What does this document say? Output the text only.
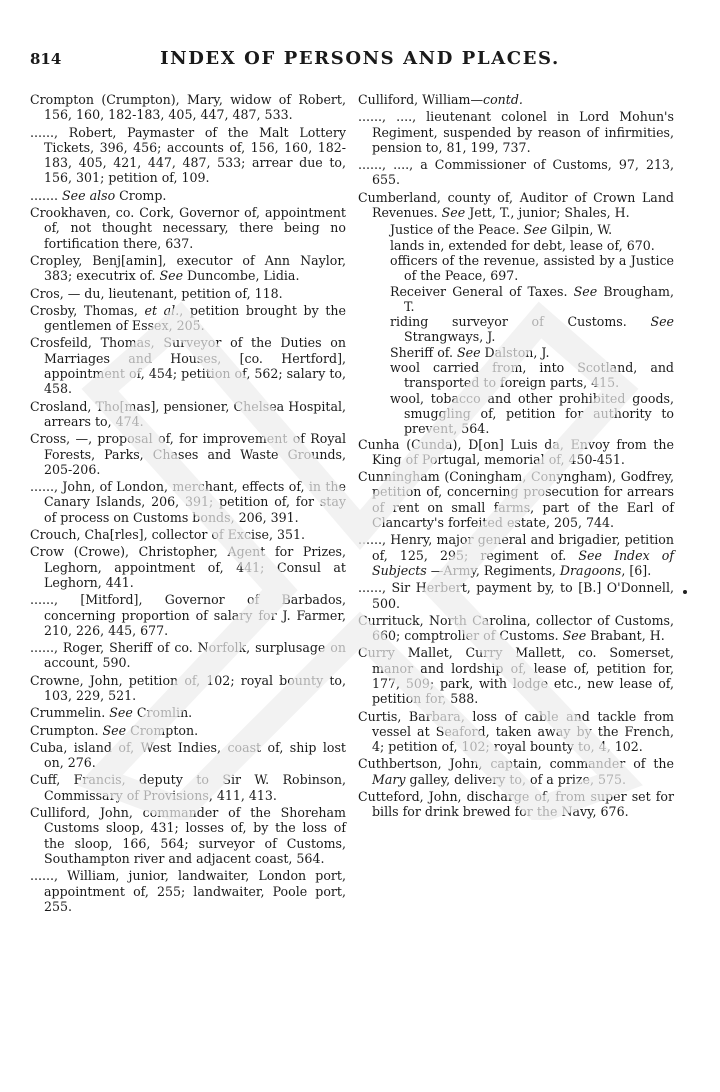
814	INDEX OF PERSONS AND PLACES.

Crompton (Crumpton), Mary, widow of Robert, 156, 160, 182-183, 405, 447, 487, 533.

......, Robert, Paymaster of the Malt Lottery Tickets, 396, 456; accounts of, 156, 160, 182-183, 405, 421, 447, 487, 533; arrear due to, 156, 301; petition of, 109.

....... See also Cromp.

Crookhaven, co. Cork, Governor of, appointment of, not thought necessary, there being no fortification there, 637.

Cropley, Benj[amin], executor of Ann Naylor, 383; executrix of. See Duncombe, Lidia.

Cros, — du, lieutenant, petition of, 118.

Crosby, Thomas, et al., petition brought by the gentlemen of Essex, 205.

Crosfeild, Thomas, Surveyor of the Duties on Marriages and Houses, [co. Hertford], appointment of, 454; petition of, 562; salary to, 458.

Crosland, Tho[mas], pensioner, Chelsea Hospital, arrears to, 474.

Cross, —, proposal of, for improvement of Royal Forests, Parks, Chases and Waste Grounds, 205-206.

......, John, of London, merchant, effects of, in the Canary Islands, 206, 391; petition of, for stay of process on Customs bonds, 206, 391.

Crouch, Cha[rles], collector of Excise, 351.

Crow (Crowe), Christopher, Agent for Prizes, Leghorn, appointment of, 441; Consul at Leghorn, 441.

......, [Mitford], Governor of Barbados, concerning proportion of salary for J. Farmer, 210, 226, 445, 677.

......, Roger, Sheriff of co. Norfolk, surplusage on account, 590.

Crowne, John, petition of, 102; royal bounty to, 103, 229, 521.

Crummelin. See Cromlin.

Crumpton. See Crompton.

Cuba, island of, West Indies, coast of, ship lost on, 276.

Cuff, Francis, deputy to Sir W. Robinson, Commissary of Provisions, 411, 413.

Culliford, John, commander of the Shoreham Customs sloop, 431; losses of, by the loss of the sloop, 166, 564; surveyor of Customs, Southampton river and adjacent coast, 564.

......, William, junior, landwaiter, London port, appointment of, 255; landwaiter, Poole port, 255.

Culliford, William—contd.

......, ...., lieutenant colonel in Lord Mohun's Regiment, suspended by reason of infirmities, pension to, 81, 199, 737.

......, ...., a Commissioner of Customs, 97, 213, 655.

Cumberland, county of, Auditor of Crown Land Revenues. See Jett, T., junior; Shales, H.

Justice of the Peace. See Gilpin, W.

lands in, extended for debt, lease of, 670.

officers of the revenue, assisted by a Justice of the Peace, 697.

Receiver General of Taxes. See Brougham, T.

riding surveyor of Customs. See Strangways, J.

Sheriff of. See Dalston, J.

wool carried from, into Scotland, and transported to foreign parts, 415.

wool, tobacco and other prohibited goods, smuggling of, petition for authority to prevent, 564.

Cunha (Cunda), D[on] Luis da, Envoy from the King of Portugal, memorial of, 450-451.

Cunningham (Coningham, Conyngham), Godfrey, petition of, concerning prosecution for arrears of rent on small farms, part of the Earl of Clancarty's forfeited estate, 205, 744.

......, Henry, major general and brigadier, petition of, 125, 295; regiment of. See Index of Subjects —Army, Regiments, Dragoons, [6].

......, Sir Herbert, payment by, to [B.] O'Donnell, 500.

Currituck, North Carolina, collector of Customs, 660; comptroller of Customs. See Brabant, H.

Curry Mallet, Curry Mallett, co. Somerset, manor and lordship of, lease of, petition for, 177, 509; park, with lodge etc., new lease of, petition for, 588.

Curtis, Barbara, loss of cable and tackle from vessel at Seaford, taken away by the French, 4; petition of, 102; royal bounty to, 4, 102.

Cuthbertson, John, captain, commander of the Mary galley, delivery to, of a prize, 575.

Cutteford, John, discharge of, from super set for bills for drink brewed for the Navy, 676.
